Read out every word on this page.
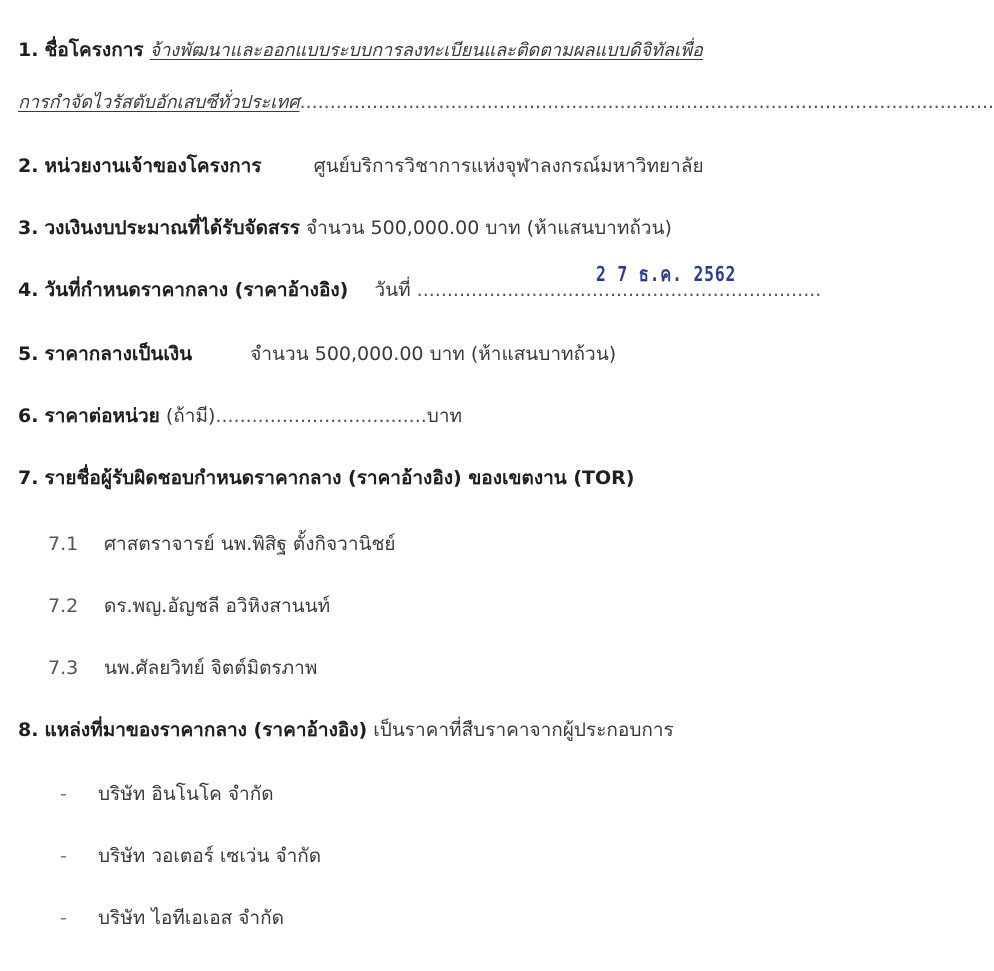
1. ชื่อโครงการ จ้างพัฒนาและออกแบบระบบการลงทะเบียนและติดตามผลแบบดิจิทัลเพื่อ
การกำจัดไวรัสตับอักเสบซีทั่วประเทศ...................................................................................................................
2. หน่วยงานเจ้าของโครงการ	ศูนย์บริการวิชาการแห่งจุฬาลงกรณ์มหาวิทยาลัย
3. วงเงินงบประมาณที่ได้รับจัดสรร จำนวน 500,000.00 บาท (ห้าแสนบาทถ้วน)
4. วันที่กำหนดราคากลาง (ราคาอ้างอิง) วันที่ ...................................................................
2 7 ธ.ค. 2562
5. ราคากลางเป็นเงิน	จำนวน 500,000.00 บาท (ห้าแสนบาทถ้วน)
6. ราคาต่อหน่วย (ถ้ามี)...................................บาท
7. รายชื่อผู้รับผิดชอบกำหนดราคากลาง (ราคาอ้างอิง) ของเขตงาน (TOR)
7.1 ศาสตราจารย์ นพ.พิสิฐ ตั้งกิจวานิชย์
7.2 ดร.พญ.อัญชลี อวิหิงสานนท์
7.3 นพ.ศัลยวิทย์ จิตต์มิตรภาพ
8. แหล่งที่มาของราคากลาง (ราคาอ้างอิง) เป็นราคาที่สืบราคาจากผู้ประกอบการ
- บริษัท อินโนโค จำกัด
- บริษัท วอเตอร์ เซเว่น จำกัด
- บริษัท ไอทีเอเอส จำกัด
